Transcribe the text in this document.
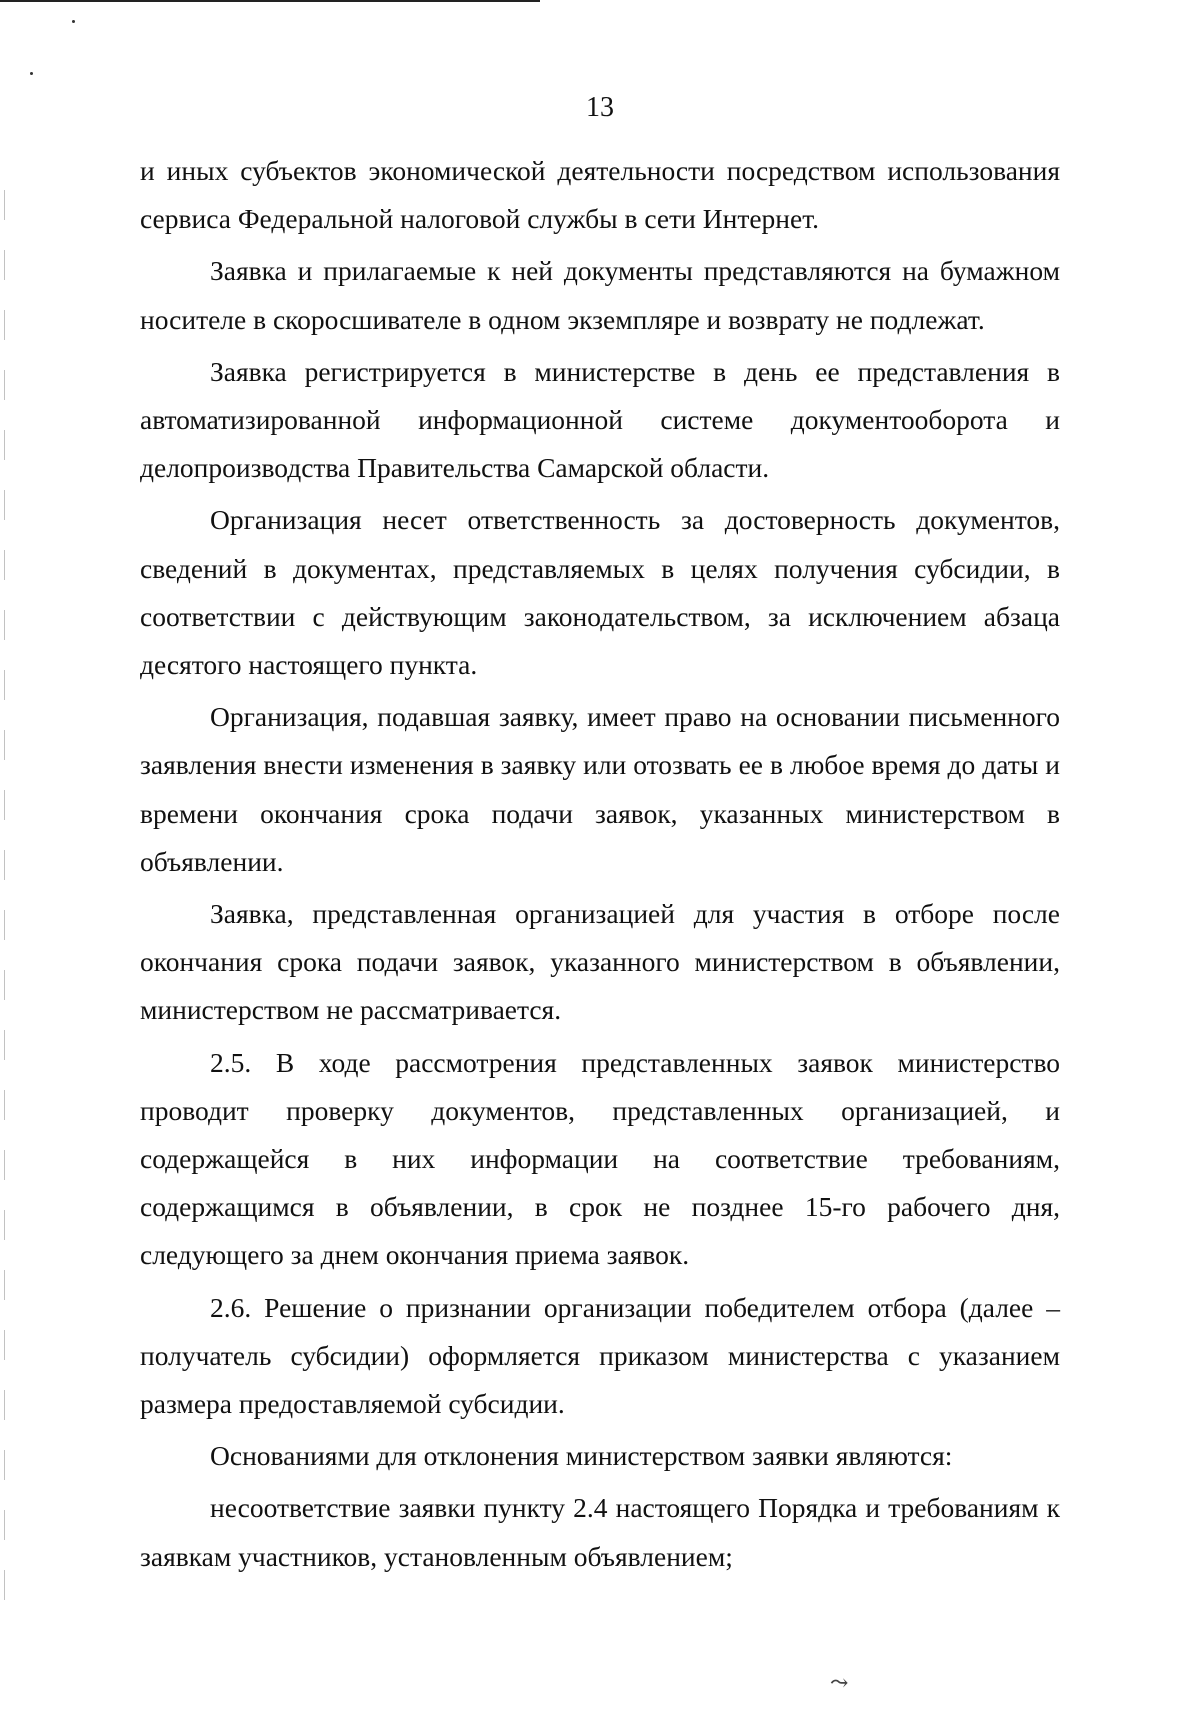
13

и иных субъектов экономической деятельности посредством использования сервиса Федеральной налоговой службы в сети Интернет.

Заявка и прилагаемые к ней документы представляются на бумажном носителе в скоросшивателе в одном экземпляре и возврату не подлежат.

Заявка регистрируется в министерстве в день ее представления в автоматизированной информационной системе документооборота и делопроизводства Правительства Самарской области.

Организация несет ответственность за достоверность документов, сведений в документах, представляемых в целях получения субсидии, в соответствии с действующим законодательством, за исключением абзаца десятого настоящего пункта.

Организация, подавшая заявку, имеет право на основании письменного заявления внести изменения в заявку или отозвать ее в любое время до даты и времени окончания срока подачи заявок, указанных министерством в объявлении.

Заявка, представленная организацией для участия в отборе после окончания срока подачи заявок, указанного министерством в объявлении, министерством не рассматривается.

2.5. В ходе рассмотрения представленных заявок министерство проводит проверку документов, представленных организацией, и содержащейся в них информации на соответствие требованиям, содержащимся в объявлении, в срок не позднее 15-го рабочего дня, следующего за днем окончания приема заявок.

2.6. Решение о признании организации победителем отбора (далее – получатель субсидии) оформляется приказом министерства с указанием размера предоставляемой субсидии.

Основаниями для отклонения министерством заявки являются:

несоответствие заявки пункту 2.4 настоящего Порядка и требованиям к заявкам участников, установленным объявлением;

⤳
